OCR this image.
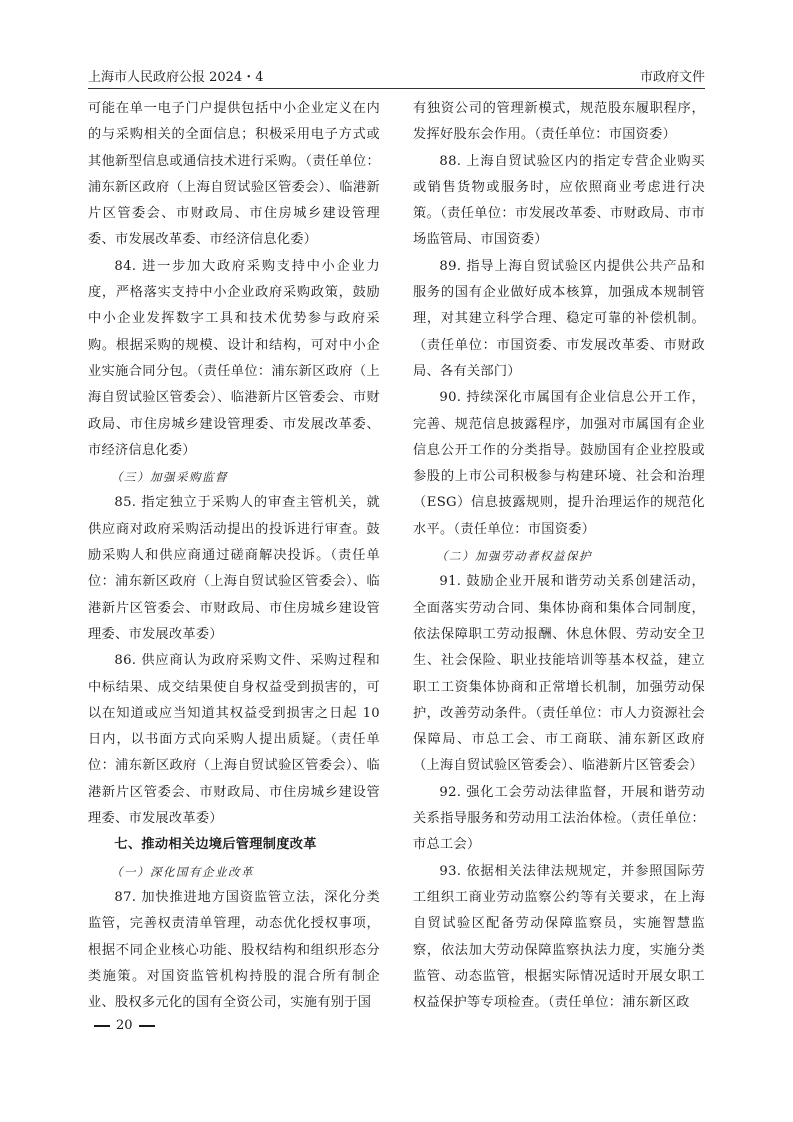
上海市人民政府公报 2024・4	市政府文件

可能在单一电子门户提供包括中小企业定义在内的与采购相关的全面信息；积极采用电子方式或其他新型信息或通信技术进行采购。（责任单位：浦东新区政府（上海自贸试验区管委会）、临港新片区管委会、市财政局、市住房城乡建设管理委、市发展改革委、市经济信息化委）

84. 进一步加大政府采购支持中小企业力度，严格落实支持中小企业政府采购政策，鼓励中小企业发挥数字工具和技术优势参与政府采购。根据采购的规模、设计和结构，可对中小企业实施合同分包。（责任单位：浦东新区政府（上海自贸试验区管委会）、临港新片区管委会、市财政局、市住房城乡建设管理委、市发展改革委、市经济信息化委）

（三）加强采购监督

85. 指定独立于采购人的审查主管机关，就供应商对政府采购活动提出的投诉进行审查。鼓励采购人和供应商通过磋商解决投诉。（责任单位：浦东新区政府（上海自贸试验区管委会）、临港新片区管委会、市财政局、市住房城乡建设管理委、市发展改革委）

86. 供应商认为政府采购文件、采购过程和中标结果、成交结果使自身权益受到损害的，可以在知道或应当知道其权益受到损害之日起 10 日内，以书面方式向采购人提出质疑。（责任单位：浦东新区政府（上海自贸试验区管委会）、临港新片区管委会、市财政局、市住房城乡建设管理委、市发展改革委）

七、推动相关边境后管理制度改革

（一）深化国有企业改革

87. 加快推进地方国资监管立法，深化分类监管，完善权责清单管理，动态优化授权事项，根据不同企业核心功能、股权结构和组织形态分类施策。对国资监管机构持股的混合所有制企业、股权多元化的国有全资公司，实施有别于国

有独资公司的管理新模式，规范股东履职程序，发挥好股东会作用。（责任单位：市国资委）

88. 上海自贸试验区内的指定专营企业购买或销售货物或服务时，应依照商业考虑进行决策。（责任单位：市发展改革委、市财政局、市市场监管局、市国资委）

89. 指导上海自贸试验区内提供公共产品和服务的国有企业做好成本核算，加强成本规制管理，对其建立科学合理、稳定可靠的补偿机制。（责任单位：市国资委、市发展改革委、市财政局、各有关部门）

90. 持续深化市属国有企业信息公开工作，完善、规范信息披露程序，加强对市属国有企业信息公开工作的分类指导。鼓励国有企业控股或参股的上市公司积极参与构建环境、社会和治理（ESG）信息披露规则，提升治理运作的规范化水平。（责任单位：市国资委）

（二）加强劳动者权益保护

91. 鼓励企业开展和谐劳动关系创建活动，全面落实劳动合同、集体协商和集体合同制度，依法保障职工劳动报酬、休息休假、劳动安全卫生、社会保险、职业技能培训等基本权益，建立职工工资集体协商和正常增长机制，加强劳动保护，改善劳动条件。（责任单位：市人力资源社会保障局、市总工会、市工商联、浦东新区政府（上海自贸试验区管委会）、临港新片区管委会）

92. 强化工会劳动法律监督，开展和谐劳动关系指导服务和劳动用工法治体检。（责任单位：市总工会）

93. 依据相关法律法规规定，并参照国际劳工组织工商业劳动监察公约等有关要求，在上海自贸试验区配备劳动保障监察员，实施智慧监察，依法加大劳动保障监察执法力度，实施分类监管、动态监管，根据实际情况适时开展女职工权益保护等专项检查。（责任单位：浦东新区政

20
